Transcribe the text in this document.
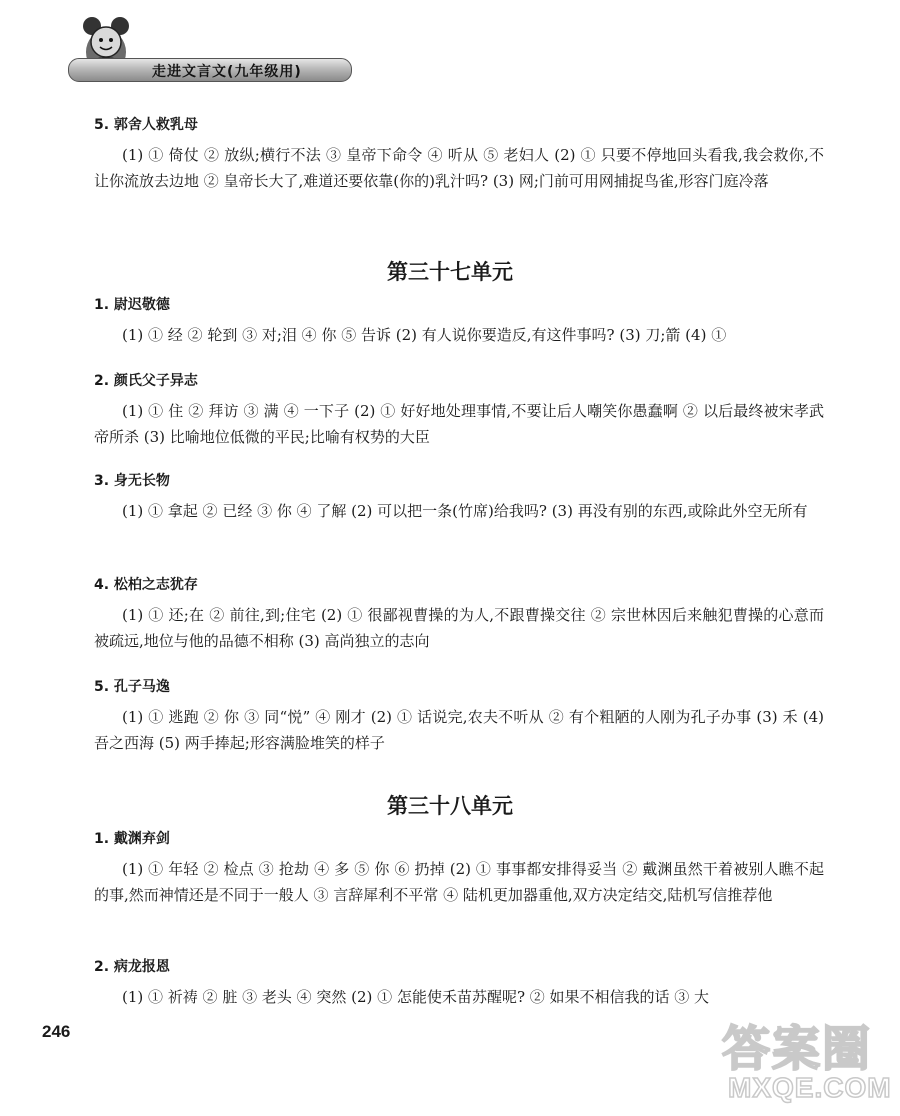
走进文言文(九年级用)
5. 郭舍人救乳母

(1) ① 倚仗 ② 放纵;横行不法 ③ 皇帝下命令 ④ 听从 ⑤ 老妇人 (2) ① 只要不停地回头看我,我会救你,不让你流放去边地 ② 皇帝长大了,难道还要依靠(你的)乳汁吗? (3) 网;门前可用网捕捉鸟雀,形容门庭冷落

第三十七单元
1. 尉迟敬德

(1) ① 经 ② 轮到 ③ 对;泪 ④ 你 ⑤ 告诉 (2) 有人说你要造反,有这件事吗? (3) 刀;箭 (4) ①

2. 颜氏父子异志

(1) ① 住 ② 拜访 ③ 满 ④ 一下子 (2) ① 好好地处理事情,不要让后人嘲笑你愚蠢啊 ② 以后最终被宋孝武帝所杀 (3) 比喻地位低微的平民;比喻有权势的大臣

3. 身无长物

(1) ① 拿起 ② 已经 ③ 你 ④ 了解 (2) 可以把一条(竹席)给我吗? (3) 再没有别的东西,或除此外空无所有

4. 松柏之志犹存

(1) ① 还;在 ② 前往,到;住宅 (2) ① 很鄙视曹操的为人,不跟曹操交往 ② 宗世林因后来触犯曹操的心意而被疏远,地位与他的品德不相称 (3) 高尚独立的志向

5. 孔子马逸

(1) ① 逃跑 ② 你 ③ 同“悦” ④ 刚才 (2) ① 话说完,农夫不听从 ② 有个粗陋的人刚为孔子办事 (3) 禾 (4) 吾之西海 (5) 两手捧起;形容满脸堆笑的样子

第三十八单元
1. 戴渊弃剑

(1) ① 年轻 ② 检点 ③ 抢劫 ④ 多 ⑤ 你 ⑥ 扔掉 (2) ① 事事都安排得妥当 ② 戴渊虽然干着被别人瞧不起的事,然而神情还是不同于一般人 ③ 言辞犀利不平常 ④ 陆机更加器重他,双方决定结交,陆机写信推荐他

2. 病龙报恩

(1) ① 祈祷 ② 脏 ③ 老头 ④ 突然 (2) ① 怎能使禾苗苏醒呢? ② 如果不相信我的话 ③ 大

246	答案圈
MXQE.COM
